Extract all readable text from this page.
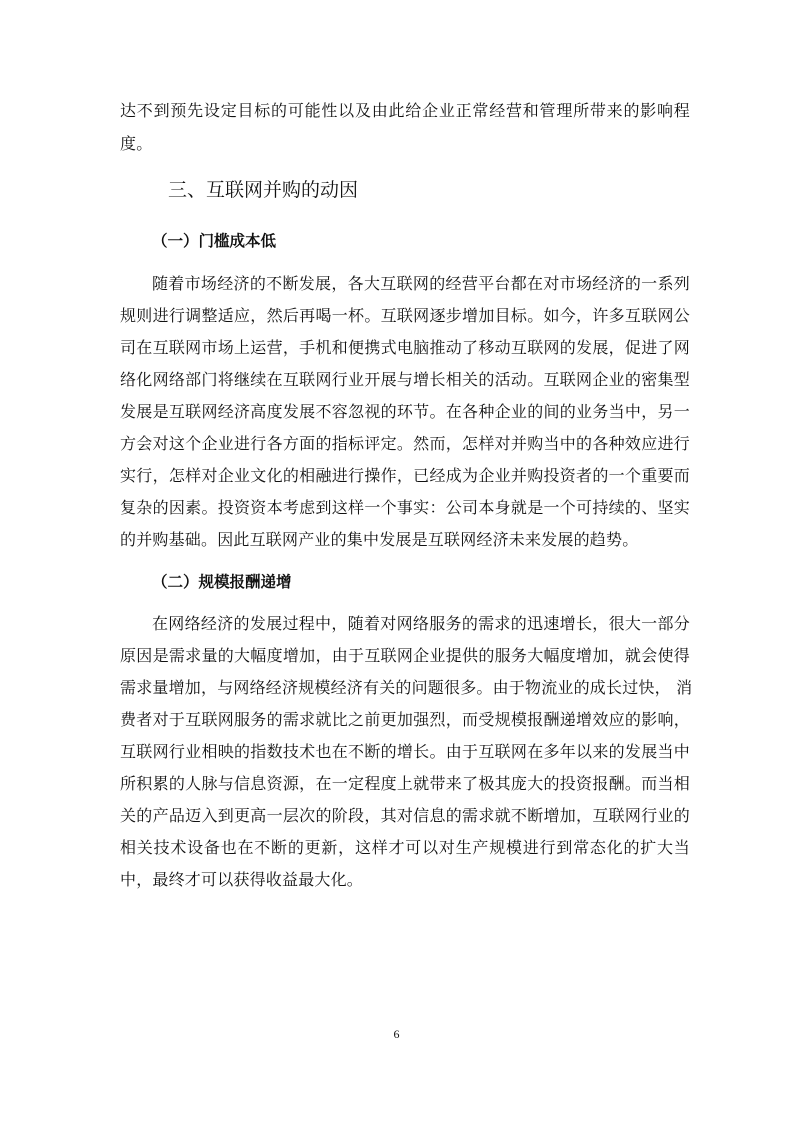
达不到预先设定目标的可能性以及由此给企业正常经营和管理所带来的影响程
度。
三、互联网并购的动因
（一）门槛成本低
随着市场经济的不断发展，各大互联网的经营平台都在对市场经济的一系列
规则进行调整适应，然后再喝一杯。互联网逐步增加目标。如今，许多互联网公
司在互联网市场上运营，手机和便携式电脑推动了移动互联网的发展，促进了网
络化网络部门将继续在互联网行业开展与增长相关的活动。互联网企业的密集型
发展是互联网经济高度发展不容忽视的环节。在各种企业的间的业务当中，另一
方会对这个企业进行各方面的指标评定。然而，怎样对并购当中的各种效应进行
实行，怎样对企业文化的相融进行操作，已经成为企业并购投资者的一个重要而
复杂的因素。投资资本考虑到这样一个事实：公司本身就是一个可持续的、坚实
的并购基础。因此互联网产业的集中发展是互联网经济未来发展的趋势。
（二）规模报酬递增
在网络经济的发展过程中，随着对网络服务的需求的迅速增长，很大一部分
原因是需求量的大幅度增加，由于互联网企业提供的服务大幅度增加，就会使得
需求量增加，与网络经济规模经济有关的问题很多。由于物流业的成长过快， 消
费者对于互联网服务的需求就比之前更加强烈，而受规模报酬递增效应的影响，
互联网行业相映的指数技术也在不断的增长。由于互联网在多年以来的发展当中
所积累的人脉与信息资源，在一定程度上就带来了极其庞大的投资报酬。而当相
关的产品迈入到更高一层次的阶段，其对信息的需求就不断增加，互联网行业的
相关技术设备也在不断的更新，这样才可以对生产规模进行到常态化的扩大当
中，最终才可以获得收益最大化。
6
